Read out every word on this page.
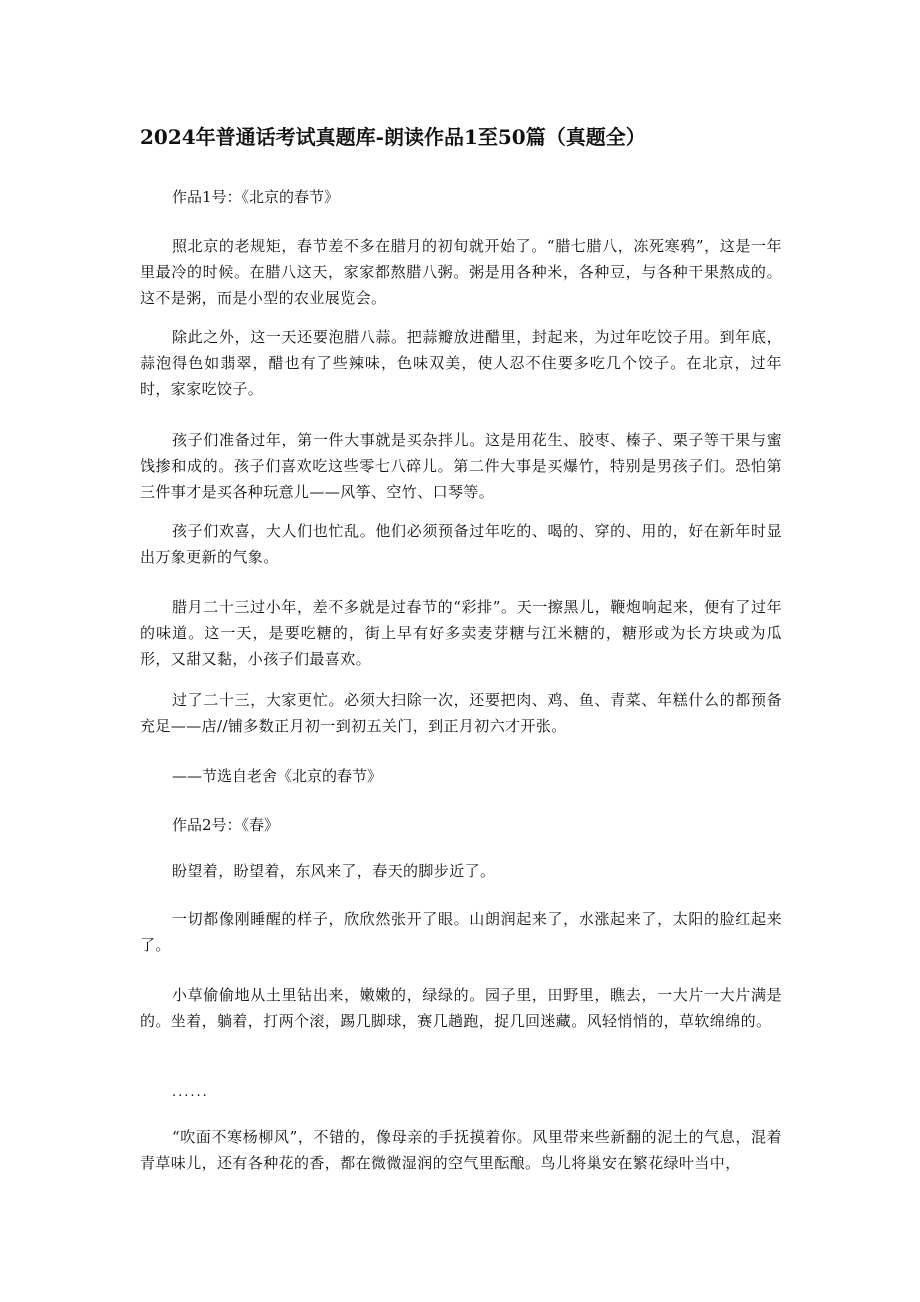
2024年普通话考试真题库-朗读作品1至50篇（真题全）
作品1号：《北京的春节》
照北京的老规矩，春节差不多在腊月的初旬就开始了。“腊七腊八，冻死寒鸦”，这是一年里最冷的时候。在腊八这天，家家都熬腊八粥。粥是用各种米，各种豆，与各种干果熬成的。这不是粥，而是小型的农业展览会。
除此之外，这一天还要泡腊八蒜。把蒜瓣放进醋里，封起来，为过年吃饺子用。到年底，蒜泡得色如翡翠，醋也有了些辣味，色味双美，使人忍不住要多吃几个饺子。在北京，过年时，家家吃饺子。
孩子们准备过年，第一件大事就是买杂拌儿。这是用花生、胶枣、榛子、栗子等干果与蜜饯掺和成的。孩子们喜欢吃这些零七八碎儿。第二件大事是买爆竹，特别是男孩子们。恐怕第三件事才是买各种玩意儿——风筝、空竹、口琴等。
孩子们欢喜，大人们也忙乱。他们必须预备过年吃的、喝的、穿的、用的，好在新年时显出万象更新的气象。
腊月二十三过小年，差不多就是过春节的“彩排”。天一擦黑儿，鞭炮响起来，便有了过年的味道。这一天，是要吃糖的，街上早有好多卖麦芽糖与江米糖的，糖形或为长方块或为瓜形，又甜又黏，小孩子们最喜欢。
过了二十三，大家更忙。必须大扫除一次，还要把肉、鸡、鱼、青菜、年糕什么的都预备充足——店//铺多数正月初一到初五关门，到正月初六才开张。
——节选自老舍《北京的春节》
作品2号：《春》
盼望着，盼望着，东风来了，春天的脚步近了。
一切都像刚睡醒的样子，欣欣然张开了眼。山朗润起来了，水涨起来了，太阳的脸红起来了。
小草偷偷地从土里钻出来，嫩嫩的，绿绿的。园子里，田野里，瞧去，一大片一大片满是的。坐着，躺着，打两个滚，踢几脚球，赛几趟跑，捉几回迷藏。风轻悄悄的，草软绵绵的。
......
“吹面不寒杨柳风”，不错的，像母亲的手抚摸着你。风里带来些新翻的泥土的气息，混着青草味儿，还有各种花的香，都在微微湿润的空气里酝酿。鸟儿将巢安在繁花绿叶当中，
